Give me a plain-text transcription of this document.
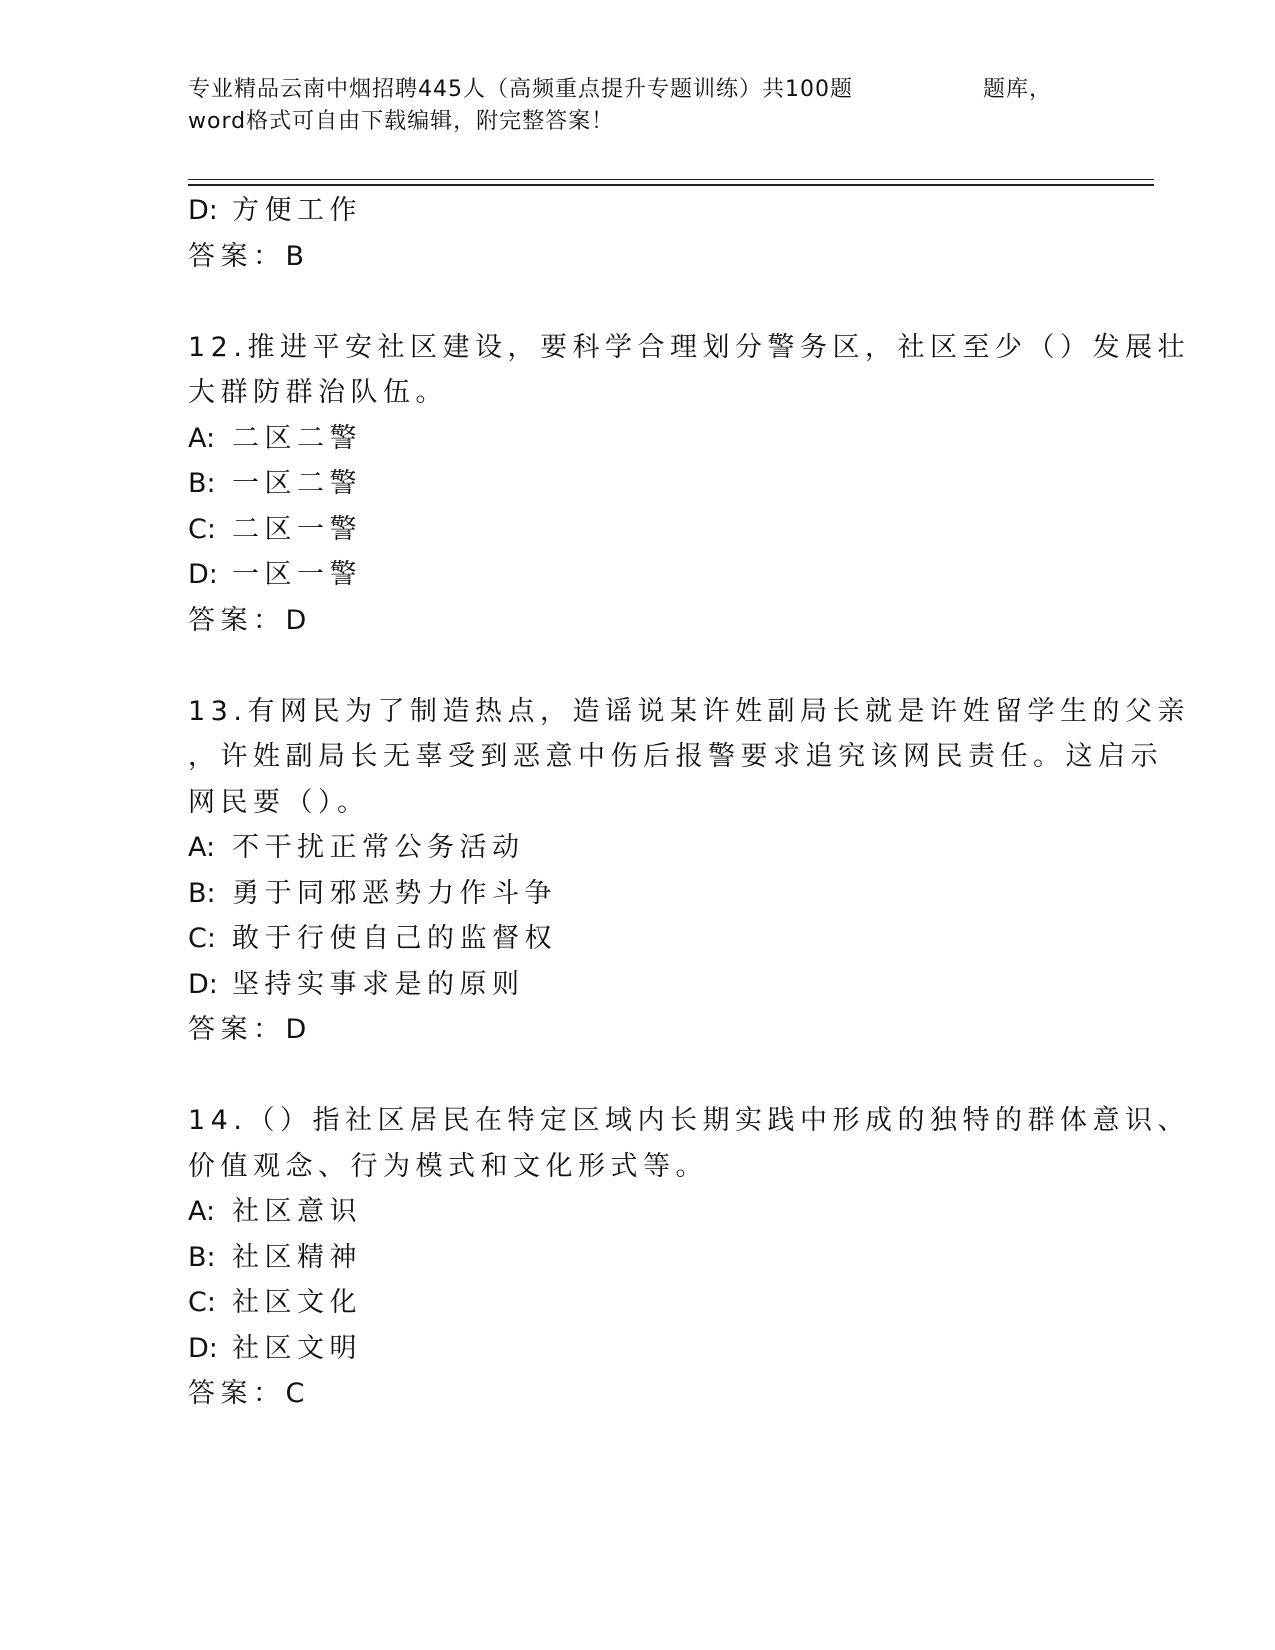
专业精品云南中烟招聘445人（高频重点提升专题训练）共100题	题库，
word格式可自由下载编辑，附完整答案！
D: 方便工作
答案：B
12.推进平安社区建设，要科学合理划分警务区，社区至少（）发展壮
大群防群治队伍。
A: 二区二警
B: 一区二警
C: 二区一警
D: 一区一警
答案：D
13.有网民为了制造热点，造谣说某许姓副局长就是许姓留学生的父亲
，许姓副局长无辜受到恶意中伤后报警要求追究该网民责任。这启示
网民要（）。
A: 不干扰正常公务活动
B: 勇于同邪恶势力作斗争
C: 敢于行使自己的监督权
D: 坚持实事求是的原则
答案：D
14.（）指社区居民在特定区域内长期实践中形成的独特的群体意识、
价值观念、行为模式和文化形式等。
A: 社区意识
B: 社区精神
C: 社区文化
D: 社区文明
答案：C
